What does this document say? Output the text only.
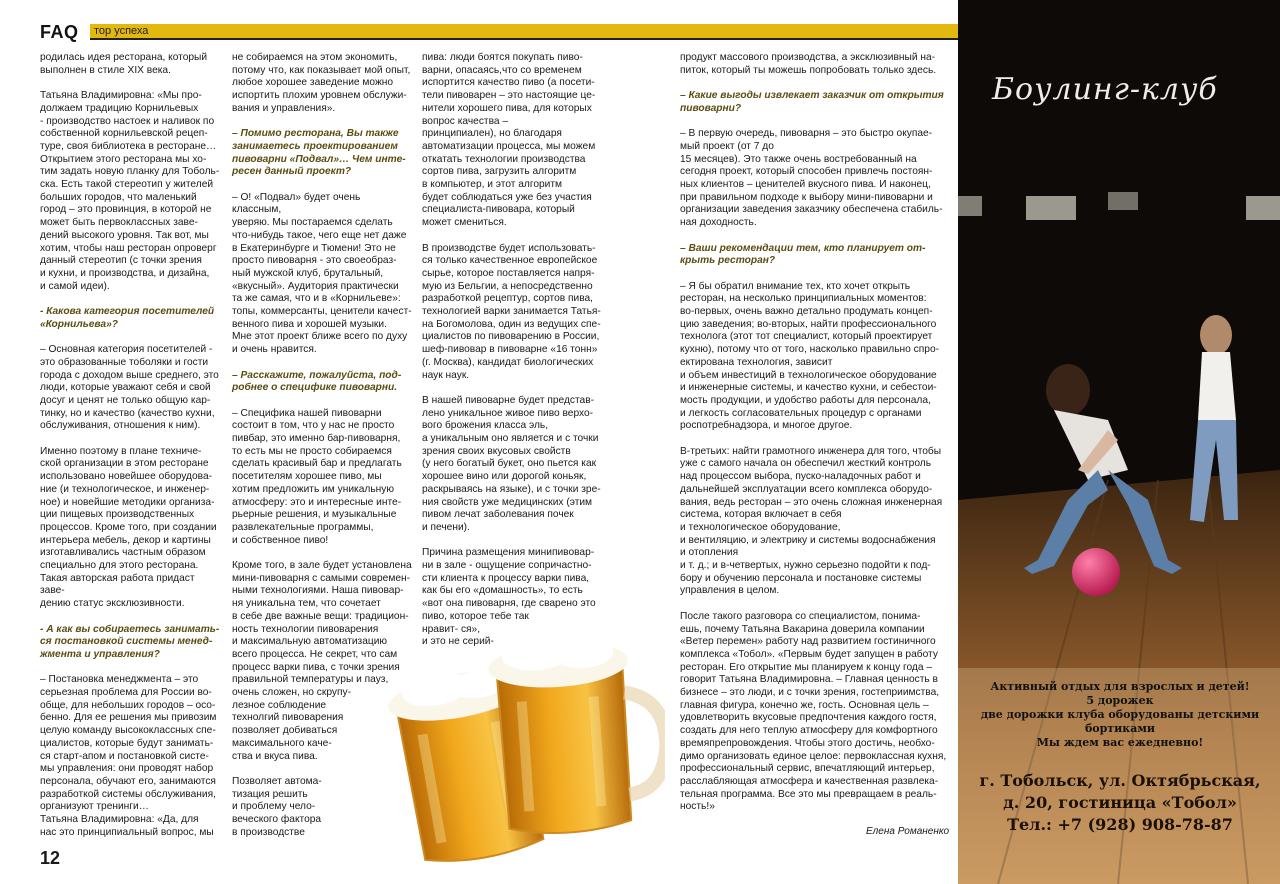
FAQ тор успеха

родилась идея ресторана, который
выполнен в стиле XIX века.

Татьяна Владимировна: «Мы про-
должаем традицию Корнильевых
- производство настоек и наливок по
собственной корнильевской рецеп-
туре, своя библиотека в ресторане…
Открытием этого ресторана мы хо-
тим задать новую планку для Тоболь-
ска. Есть такой стереотип у жителей
больших городов, что маленький
город – это провинция, в которой не
может быть первоклассных заве-
дений высокого уровня. Так вот, мы
хотим, чтобы наш ресторан опроверг
данный стереотип (с точки зрения
и кухни, и производства, и дизайна,
и самой идеи).

- Какова категория посетителей
«Корнильева»?

– Основная категория посетителей -
это образованные тоболяки и гости
города с доходом выше среднего, это
люди, которые уважают себя и свой
досуг и ценят не только общую кар-
тинку, но и качество (качество кухни,
обслуживания, отношения к ним).

Именно поэтому в плане техниче-
ской организации в этом ресторане
использовано новейшее оборудова-
ние (и технологическое, и инженер-
ное) и новейшие методики организа-
ции пищевых производственных
процессов. Кроме того, при создании
интерьера мебель, декор и картины
изготавливались частным образом
специально для этого ресторана.
Такая авторская работа придаст заве-
дению статус эксклюзивности.

- А как вы собираетесь занимать-
ся постановкой системы менед-
жмента и управления?

– Постановка менеджмента – это
серьезная проблема для России во-
обще, для небольших городов – осо-
бенно. Для ее решения мы привозим
целую команду высококлассных спе-
циалистов, которые будут занимать-
ся старт-апом и постановкой систе-
мы управления: они проводят набор
персонала, обучают его, занимаются
разработкой системы обслуживания,
организуют тренинги…
Татьяна Владимировна: «Да, для
нас это принципиальный вопрос, мы

не собираемся на этом экономить,
потому что, как показывает мой опыт,
любое хорошее заведение можно
испортить плохим уровнем обслужи-
вания и управления».

– Помимо ресторана, Вы также
занимаетесь проектированием
пивоварни «Подвал»… Чем инте-
ресен данный проект?

– О! «Подвал» будет очень классным,
уверяю. Мы постараемся сделать
что-нибудь такое, чего еще нет даже
в Екатеринбурге и Тюмени! Это не
просто пивоварня - это своеобраз-
ный мужской клуб, брутальный,
«вкусный». Аудитория практически
та же самая, что и в «Корнильеве»:
топы, коммерсанты, ценители качест-
венного пива и хорошей музыки.
Мне этот проект ближе всего по духу
и очень нравится.

– Расскажите, пожалуйста, под-
робнее о специфике пивоварни.

– Специфика нашей пивоварни
состоит в том, что у нас не просто
пивбар, это именно бар-пивоварня,
то есть мы не просто собираемся
сделать красивый бар и предлагать
посетителям хорошее пиво, мы
хотим предложить им уникальную
атмосферу: это и интересные инте-
рьерные решения, и музыкальные
развлекательные программы,
и собственное пиво!

Кроме того, в зале будет установлена
мини-пивоварня с самыми современ-
ными технологиями. Наша пивовар-
ня уникальна тем, что сочетает
в себе две важные вещи: традицион-
ность технологии пивоварения
и максимальную автоматизацию
всего процесса. Не секрет, что сам
процесс варки пива, с точки зрения
правильной температуры и пауз,
очень сложен, но скрупу-
лезное соблюдение
технолгий пивоварения
позволяет добиваться
максимального каче-
ства и вкуса пива.

Позволяет автома-
тизация решить
и проблему чело-
веческого фактора
в производстве

пива: люди боятся покупать пиво-
варни, опасаясь,что со временем
испортится качество пиво (а посети-
тели пивоварен – это настоящие це-
нители хорошего пива, для которых
вопрос качества –
принципиален), но благодаря
автоматизации процесса, мы можем
откатать технологии производства
сортов пива, загрузить алгоритм
в компьютер, и этот алгоритм
будет соблюдаться уже без участия
специалиста-пивовара, который
может смениться.

В производстве будет использовать-
ся только качественное европейское
сырье, которое поставляется напря-
мую из Бельгии, а непосредственно
разработкой рецептур, сортов пива,
технологией варки занимается Татья-
на Богомолова, один из ведущих спе-
циалистов по пивоварению в России,
шеф-пивовар в пивоварне «16 тонн»
(г. Москва), кандидат биологических
наук наук.

В нашей пивоварне будет представ-
лено уникальное живое пиво верхо-
вого брожения класса эль,
а уникальным оно является и с точки
зрения своих вкусовых свойств
(у него богатый букет, оно пьется как
хорошее вино или дорогой коньяк,
раскрываясь на языке), и с точки зре-
ния свойств уже медицинских (этим
пивом лечат заболевания почек
и печени).

Причина размещения минипивовар-
ни в зале - ощущение сопричастно-
сти клиента к процессу варки пива,
как бы его «домашность», то есть
«вот она пивоварня, где сварено это
пиво, которое тебе так
нравит- ся»,
и это не серий-

продукт массового производства, а эксклюзивный на-
питок, который ты можешь попробовать только здесь.

– Какие выгоды извлекает заказчик от открытия
пивоварни?

– В первую очередь, пивоварня – это быстро окупае-
мый проект (от 7 до
15 месяцев). Это также очень востребованный на
сегодня проект, который способен привлечь постоян-
ных клиентов – ценителей вкусного пива. И наконец,
при правильном подходе к выбору мини-пивоварни и
организации заведения заказчику обеспечена стабиль-
ная доходность.

– Ваши рекомендации тем, кто планирует от-
крыть ресторан?

– Я бы обратил внимание тех, кто хочет открыть
ресторан, на несколько принципиальных моментов:
во-первых, очень важно детально продумать концеп-
цию заведения; во-вторых, найти профессионального
технолога (этот тот специалист, который проектирует
кухню), потому что от того, насколько правильно спро-
ектирована технология, зависит
и объем инвестиций в технологическое оборудование
и инженерные системы, и качество кухни, и себестои-
мость продукции, и удобство работы для персонала,
и легкость согласовательных процедур с органами
роспотребнадзора, и многое другое.

В-третьих: найти грамотного инженера для того, чтобы
уже с самого начала он обеспечил жесткий контроль
над процессом выбора, пуско-наладочных работ и
дальнейшей эксплуатации всего комплекса оборудо-
вания, ведь ресторан – это очень сложная инженерная
система, которая включает в себя
и технологическое оборудование,
и вентиляцию, и электрику и системы водоснабжения
и отопления
и т. д.; и в-четвертых, нужно серьезно подойти к под-
бору и обучению персонала и постановке системы
управления в целом.

После такого разговора со специалистом, понима-
ешь, почему Татьяна Вакарина доверила компании
«Ветер перемен» работу над развитием гостиничного
комплекса «Тобол». «Первым будет запущен в работу
ресторан. Его открытие мы планируем к концу года –
говорит Татьяна Владимировна. – Главная ценность в
бизнесе – это люди, и с точки зрения, гостеприимства,
главная фигура, конечно же, гость. Основная цель –
удовлетворить вкусовые предпочтения каждого гостя,
создать для него теплую атмосферу для комфортного
времяпрепровождения. Чтобы этого достичь, необхо-
димо организовать единое целое: первоклассная кухня,
профессиональный сервис, впечатляющий интерьер,
расслабляющая атмосфера и качественная развлека-
тельная программа. Все это мы превращаем в реаль-
ность!»

Елена Романенко
12
Боулинг-клуб
Активный отдых для взрослых и детей!
5 дорожек
две дорожки клуба оборудованы детскими бортиками
Мы ждем вас ежедневно!
г. Тобольск, ул. Октябрьская,
д. 20, гостиница «Тобол»
Тел.: +7 (928) 908-78-87
